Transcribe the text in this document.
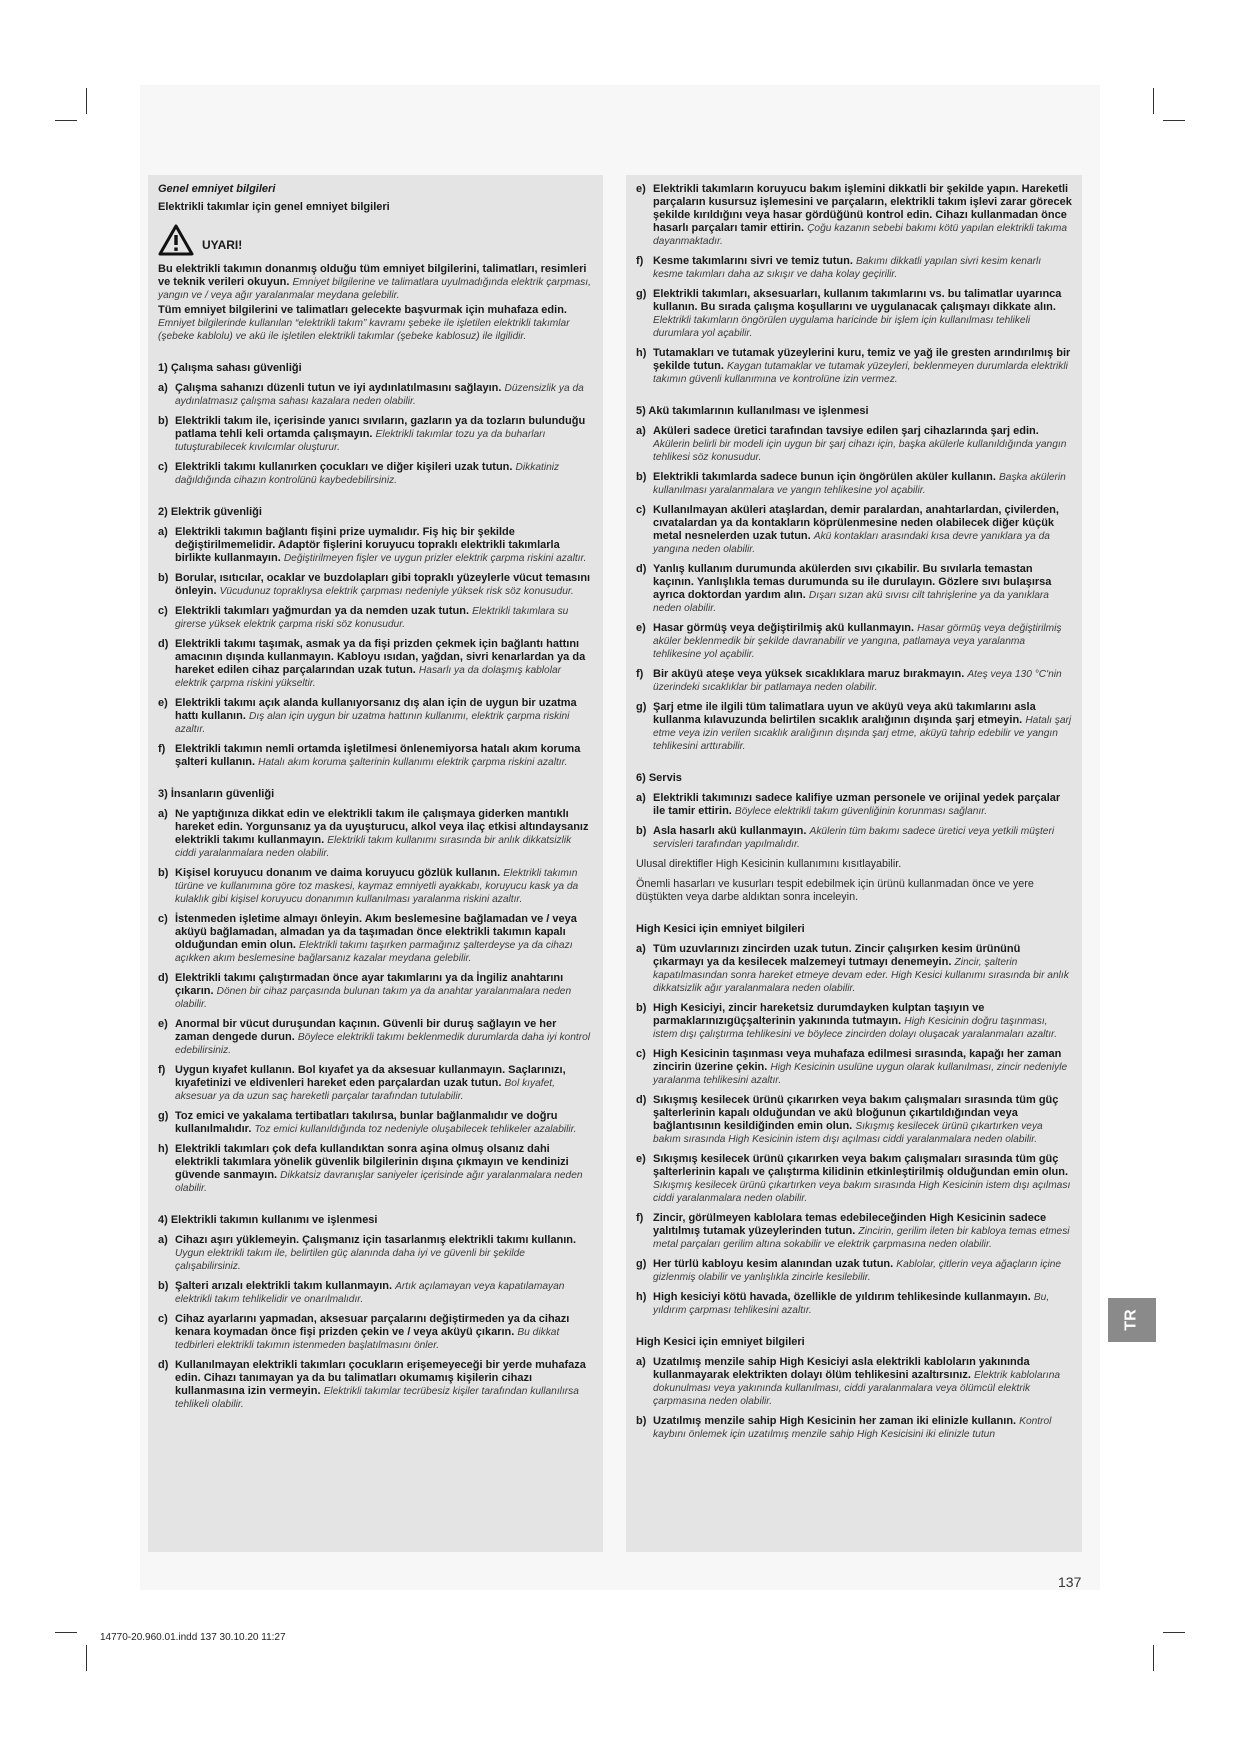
Genel emniyet bilgileri
Elektrikli takımlar için genel emniyet bilgileri
UYARI!
Bu elektrikli takımın donanmış olduğu tüm emniyet bilgilerini, talimatları, resimleri ve teknik verileri okuyun. Emniyet bilgilerine ve talimatlara uyulmadığında elektrik çarpması, yangın ve / veya ağır yaralanmalar meydana gelebilir.
Tüm emniyet bilgilerini ve talimatları gelecekte başvurmak için muhafaza edin. Emniyet bilgilerinde kullanılan “elektrikli takım” kavramı şebeke ile işletilen elektrikli takımlar (şebeke kablolu) ve akü ile işletilen elektrikli takımlar (şebeke kablosuz) ile ilgilidir.
1) Çalışma sahası güvenliği
a) Çalışma sahanızı düzenli tutun ve iyi aydınlatılmasını sağlayın. Düzensizlik ya da aydınlatmasız çalışma sahası kazalara neden olabilir.
b) Elektrikli takım ile, içerisinde yanıcı sıvıların, gazların ya da tozların bulunduğu patlama tehli keli ortamda çalışmayın. Elektrikli takımlar tozu ya da buharları tutuşturabilecek kıvılcımlar oluşturur.
c) Elektrikli takımı kullanırken çocukları ve diğer kişileri uzak tutun. Dikkatiniz dağıldığında cihazın kontrolünü kaybedebilirsiniz.
2) Elektrik güvenliği
a) Elektrikli takımın bağlantı fişini prize uymalıdır. Fiş hiç bir şekilde değiştirilmemelidir. Adaptör fişlerini koruyucu topraklı elektrikli takımlarla birlikte kullanmayın. Değiştirilmeyen fişler ve uygun prizler elektrik çarpma riskini azaltır.
b) Borular, ısıtıcılar, ocaklar ve buzdolapları gibi topraklı yüzeylerle vücut temasını önleyin. Vücudunuz topraklıysa elektrik çarpması nedeniyle yüksek risk söz konusudur.
c) Elektrikli takımları yağmurdan ya da nemden uzak tutun. Elektrikli takımlara su girerse yüksek elektrik çarpma riski söz konusudur.
d) Elektrikli takımı taşımak, asmak ya da fişi prizden çekmek için bağlantı hattını amacının dışında kullanmayın. Kabloyu ısıdan, yağdan, sivri kenarlardan ya da hareket edilen cihaz parçalarından uzak tutun. Hasarlı ya da dolaşmış kablolar elektrik çarpma riskini yükseltir.
e) Elektrikli takımı açık alanda kullanıyorsanız dış alan için de uygun bir uzatma hattı kullanın. Dış alan için uygun bir uzatma hattının kullanımı, elektrik çarpma riskini azaltır.
f) Elektrikli takımın nemli ortamda işletilmesi önlenemiyorsa hatalı akım koruma şalteri kullanın. Hatalı akım koruma şalterinin kullanımı elektrik çarpma riskini azaltır.
3) İnsanların güvenliği
a) Ne yaptığınıza dikkat edin ve elektrikli takım ile çalışmaya giderken mantıklı hareket edin. Yorgunsanız ya da uyuşturucu, alkol veya ilaç etkisi altındaysanız elektrikli takımı kullanmayın. Elektrikli takım kullanımı sırasında bir anlık dikkatsizlik ciddi yaralanmalara neden olabilir.
b) Kişisel koruyucu donanım ve daima koruyucu gözlük kullanın. Elektrikli takımın türüne ve kullanımına göre toz maskesi, kaymaz emniyetli ayakkabı, koruyucu kask ya da kulaklık gibi kişisel koruyucu donanımın kullanılması yaralanma riskini azaltır.
c) İstenmeden işletime almayı önleyin. Akım beslemesine bağlamadan ve / veya aküyü bağlamadan, almadan ya da taşımadan önce elektrikli takımın kapalı olduğundan emin olun. Elektrikli takımı taşırken parmağınız şalterdeyse ya da cihazı açıkken akım beslemesine bağlarsanız kazalar meydana gelebilir.
d) Elektrikli takımı çalıştırmadan önce ayar takımlarını ya da İngiliz anahtarını çıkarın. Dönen bir cihaz parçasında bulunan takım ya da anahtar yaralanmalara neden olabilir.
e) Anormal bir vücut duruşundan kaçının. Güvenli bir duruş sağlayın ve her zaman dengede durun. Böylece elektrikli takımı beklenmedik durumlarda daha iyi kontrol edebilirsiniz.
f) Uygun kıyafet kullanın. Bol kıyafet ya da aksesuar kullanmayın. Saçlarınızı, kıyafetinizi ve eldivenleri hareket eden parçalardan uzak tutun. Bol kıyafet, aksesuar ya da uzun saç hareketli parçalar tarafından tutulabilir.
g) Toz emici ve yakalama tertibatları takılırsa, bunlar bağlanmalıdır ve doğru kullanılmalıdır. Toz emici kullanıldığında toz nedeniyle oluşabilecek tehlikeler azalabilir.
h) Elektrikli takımları çok defa kullandıktan sonra aşina olmuş olsanız dahi elektrikli takımlara yönelik güvenlik bilgilerinin dışına çıkmayın ve kendinizi güvende sanmayın. Dikkatsiz davranışlar saniyeler içerisinde ağır yaralanmalara neden olabilir.
4) Elektrikli takımın kullanımı ve işlenmesi
a) Cihazı aşırı yüklemeyin. Çalışmanız için tasarlanmış elektrikli takımı kullanın. Uygun elektrikli takım ile, belirtilen güç alanında daha iyi ve güvenli bir şekilde çalışabilirsiniz.
b) Şalteri arızalı elektrikli takım kullanmayın. Artık açılamayan veya kapatılamayan elektrikli takım tehlikelidir ve onarılmalıdır.
c) Cihaz ayarlarını yapmadan, aksesuar parçalarını değiştirmeden ya da cihazı kenara koymadan önce fişi prizden çekin ve / veya aküyü çıkarın. Bu dikkat tedbirleri elektrikli takımın istenmeden başlatılmasını önler.
d) Kullanılmayan elektrikli takımları çocukların erişemeyeceği bir yerde muhafaza edin. Cihazı tanımayan ya da bu talimatları okumamış kişilerin cihazı kullanmasına izin vermeyin. Elektrikli takımlar tecrübesiz kişiler tarafından kullanılırsa tehlikeli olabilir.
e) Elektrikli takımların koruyucu bakım işlemini dikkatli bir şekilde yapın. Hareketli parçaların kusursuz işlemesini ve parçaların, elektrikli takım işlevi zarar görecek şekilde kırıldığını veya hasar gördüğünü kontrol edin. Cihazı kullanmadan önce hasarlı parçaları tamir ettirin. Çoğu kazanın sebebi bakımı kötü yapılan elektrikli takıma dayanmaktadır.
f) Kesme takımlarını sivri ve temiz tutun. Bakımı dikkatli yapılan sivri kesim kenarlı kesme takımları daha az sıkışır ve daha kolay geçirilir.
g) Elektrikli takımları, aksesuarları, kullanım takımlarını vs. bu talimatlar uyarınca kullanın. Bu sırada çalışma koşullarını ve uygulanacak çalışmayı dikkate alın. Elektrikli takımların öngörülen uygulama haricinde bir işlem için kullanılması tehlikeli durumlara yol açabilir.
h) Tutamakları ve tutamak yüzeylerini kuru, temiz ve yağ ile gresten arındırılmış bir şekilde tutun. Kaygan tutamaklar ve tutamak yüzeyleri, beklenmeyen durumlarda elektrikli takımın güvenli kullanımına ve kontrolüne izin vermez.
5) Akü takımlarının kullanılması ve işlenmesi
a) Aküleri sadece üretici tarafından tavsiye edilen şarj cihazlarında şarj edin. Akülerin belirli bir modeli için uygun bir şarj cihazı için, başka akülerle kullanıldığında yangın tehlikesi söz konusudur.
b) Elektrikli takımlarda sadece bunun için öngörülen aküler kullanın. Başka akülerin kullanılması yaralanmalara ve yangın tehlikesine yol açabilir.
c) Kullanılmayan aküleri ataşlardan, demir paralardan, anahtarlardan, çivilerden, cıvatalardan ya da kontakların köprülenmesine neden olabilecek diğer küçük metal nesnelerden uzak tutun. Akü kontakları arasındaki kısa devre yanıklara ya da yangına neden olabilir.
d) Yanlış kullanım durumunda akülerden sıvı çıkabilir. Bu sıvılarla temastan kaçının. Yanlışlıkla temas durumunda su ile durulayın. Gözlere sıvı bulaşırsa ayrıca doktordan yardım alın. Dışarı sızan akü sıvısı cilt tahrişlerine ya da yanıklara neden olabilir.
e) Hasar görmüş veya değiştirilmiş akü kullanmayın. Hasar görmüş veya değiştirilmiş aküler beklenmedik bir şekilde davranabilir ve yangına, patlamaya veya yaralanma tehlikesine yol açabilir.
f) Bir aküyü ateşe veya yüksek sıcaklıklara maruz bırakmayın. Ateş veya 130 °C'nin üzerindeki sıcaklıklar bir patlamaya neden olabilir.
g) Şarj etme ile ilgili tüm talimatlara uyun ve aküyü veya akü takımlarını asla kullanma kılavuzunda belirtilen sıcaklık aralığının dışında şarj etmeyin. Hatalı şarj etme veya izin verilen sıcaklık aralığının dışında şarj etme, aküyü tahrip edebilir ve yangın tehlikesini arttırabilir.
6) Servis
a) Elektrikli takımınızı sadece kalifiye uzman personele ve orijinal yedek parçalar ile tamir ettirin. Böylece elektrikli takım güvenliğinin korunması sağlanır.
b) Asla hasarlı akü kullanmayın. Akülerin tüm bakımı sadece üretici veya yetkili müşteri servisleri tarafından yapılmalıdır.
Ulusal direktifler High Kesicinin kullanımını kısıtlayabilir.
Önemli hasarları ve kusurları tespit edebilmek için ürünü kullanmadan önce ve yere düştükten veya darbe aldıktan sonra inceleyin.
High Kesici için emniyet bilgileri
a) Tüm uzuvlarınızı zincirden uzak tutun. Zincir çalışırken kesim ürününü çıkarmayı ya da kesilecek malzemeyi tutmayı denemeyin. Zincir, şalterin kapatılmasından sonra hareket etmeye devam eder. High Kesici kullanımı sırasında bir anlık dikkatsizlik ağır yaralanmalara neden olabilir.
b) High Kesiciyi, zincir hareketsiz durumdayken kulptan taşıyın ve parmaklarınızıgüçşalterinin yakınında tutmayın. High Kesicinin doğru taşınması, istem dışı çalıştırma tehlikesini ve böylece zincirden dolayı oluşacak yaralanmaları azaltır.
c) High Kesicinin taşınması veya muhafaza edilmesi sırasında, kapağı her zaman zincirin üzerine çekin. High Kesicinin usulüne uygun olarak kullanılması, zincir nedeniyle yaralanma tehlikesini azaltır.
d) Sıkışmış kesilecek ürünü çıkarırken veya bakım çalışmaları sırasında tüm güç şalterlerinin kapalı olduğundan ve akü bloğunun çıkartıldığından veya bağlantısının kesildiğinden emin olun. Sıkışmış kesilecek ürünü çıkartırken veya bakım sırasında High Kesicinin istem dışı açılması ciddi yaralanmalara neden olabilir.
e) Sıkışmış kesilecek ürünü çıkarırken veya bakım çalışmaları sırasında tüm güç şalterlerinin kapalı ve çalıştırma kilidinin etkinleştirilmiş olduğundan emin olun. Sıkışmış kesilecek ürünü çıkartırken veya bakım sırasında High Kesicinin istem dışı açılması ciddi yaralanmalara neden olabilir.
f) Zincir, görülmeyen kablolara temas edebileceğinden High Kesicinin sadece yalıtılmış tutamak yüzeylerinden tutun. Zincirin, gerilim ileten bir kabloya temas etmesi metal parçaları gerilim altına sokabilir ve elektrik çarpmasına neden olabilir.
g) Her türlü kabloyu kesim alanından uzak tutun. Kablolar, çitlerin veya ağaçların içine gizlenmiş olabilir ve yanlışlıkla zincirle kesilebilir.
h) High kesiciyi kötü havada, özellikle de yıldırım tehlikesinde kullanmayın. Bu, yıldırım çarpması tehlikesini azaltır.
High Kesici için emniyet bilgileri
a) Uzatılmış menzile sahip High Kesiciyi asla elektrikli kabloların yakınında kullanmayarak elektrikten dolayı ölüm tehlikesini azaltırsınız. Elektrik kablolarına dokunulması veya yakınında kullanılması, ciddi yaralanmalara veya ölümcül elektrik çarpmasına neden olabilir.
b) Uzatılmış menzile sahip High Kesicinin her zaman iki elinizle kullanın. Kontrol kaybını önlemek için uzatılmış menzile sahip High Kesicisini iki elinizle tutun
TR
137
14770-20.960.01.indd 137 30.10.20 11:27
